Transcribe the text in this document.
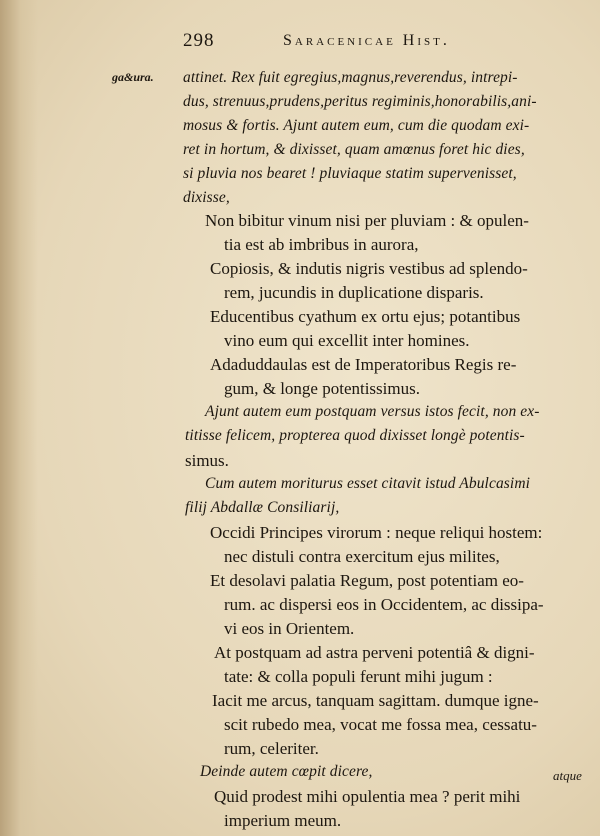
298	Saracenicae Hist.
ga&ura. attinet. Rex fuit egregius,magnus,reverendus, intrepi-
dus, strenuus,prudens,peritus regiminis,honorabilis,ani-
mosus & fortis. Ajunt autem eum, cum die quodam exi-
ret in hortum, & dixisset, quam amœnus foret hic dies,
si pluvia nos bearet ! pluviaque statim supervenisset,
dixisse,
Non bibitur vinum nisi per pluviam : & opulen-
tia est ab imbribus in aurora,
Copiosis, & indutis nigris vestibus ad splendo-
rem, jucundis in duplicatione disparis.
Educentibus cyathum ex ortu ejus; potantibus
vino eum qui excellit inter homines.
Adaduddaulas est de Imperatoribus Regis re-
gum, & longe potentissimus.
Ajunt autem eum postquam versus istos fecit, non ex-
titisse felicem, propterea quod dixisset longè potentis-
simus.
Cum autem moriturus esset citavit istud Abulcasimi
filij Abdallæ Consiliarij,
Occidi Principes virorum : neque reliqui hostem:
nec distuli contra exercitum ejus milites,
Et desolavi palatia Regum, post potentiam eo-
rum. ac dispersi eos in Occidentem, ac dissipa-
vi eos in Orientem.
At postquam ad astra perveni potentiâ & digni-
tate: & colla populi ferunt mihi jugum :
Iacit me arcus, tanquam sagittam. dumque igne-
scit rubedo mea, vocat me fossa mea, cessatu-
rum, celeriter.
Deinde autem cœpit dicere,
Quid prodest mihi opulentia mea ? perit mihi
imperium meum.
atque
